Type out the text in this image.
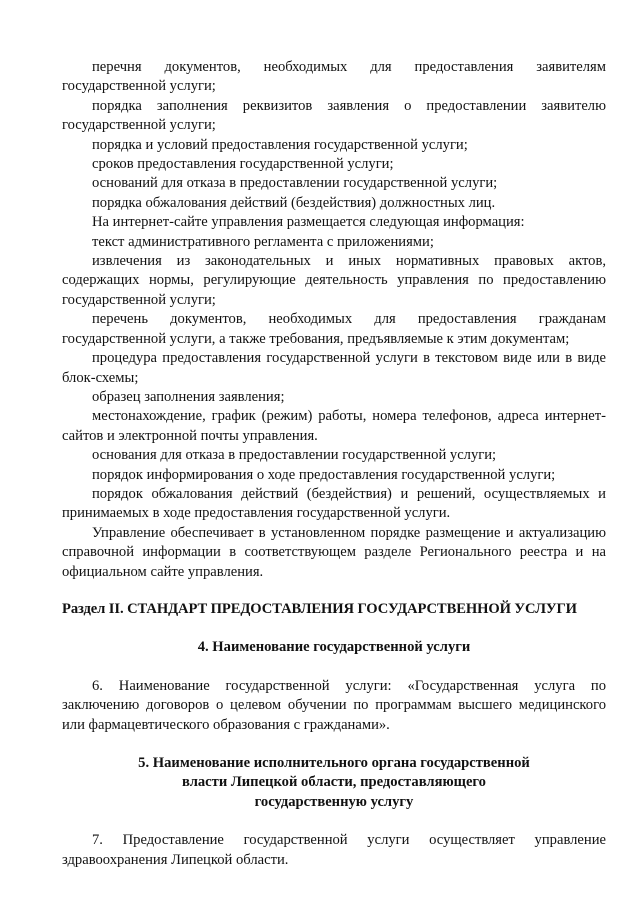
перечня документов, необходимых для предоставления заявителям государственной услуги;

порядка заполнения реквизитов заявления о предоставлении заявителю государственной услуги;

порядка и условий предоставления государственной услуги;

сроков предоставления государственной услуги;

оснований для отказа в предоставлении государственной услуги;

порядка обжалования действий (бездействия) должностных лиц.

На интернет-сайте управления размещается следующая информация:

текст административного регламента с приложениями;

извлечения из законодательных и иных нормативных правовых актов, содержащих нормы, регулирующие деятельность управления по предоставлению государственной услуги;

перечень документов, необходимых для предоставления гражданам государственной услуги, а также требования, предъявляемые к этим документам;

процедура предоставления государственной услуги в текстовом виде или в виде блок-схемы;

образец заполнения заявления;

местонахождение, график (режим) работы, номера телефонов, адреса интернет-сайтов и электронной почты управления.

основания для отказа в предоставлении государственной услуги;

порядок информирования о ходе предоставления государственной услуги;

порядок обжалования действий (бездействия) и решений, осуществляемых и принимаемых в ходе предоставления государственной услуги.

Управление обеспечивает в установленном порядке размещение и актуализацию справочной информации в соответствующем разделе Регионального реестра и на официальном сайте управления.

Раздел II. СТАНДАРТ ПРЕДОСТАВЛЕНИЯ ГОСУДАРСТВЕННОЙ УСЛУГИ

4. Наименование государственной услуги

6. Наименование государственной услуги: «Государственная услуга по заключению договоров о целевом обучении по программам высшего медицинского или фармацевтического образования с гражданами».

5. Наименование исполнительного органа государственной
власти Липецкой области, предоставляющего
государственную услугу

7. Предоставление государственной услуги осуществляет управление здравоохранения Липецкой области.
